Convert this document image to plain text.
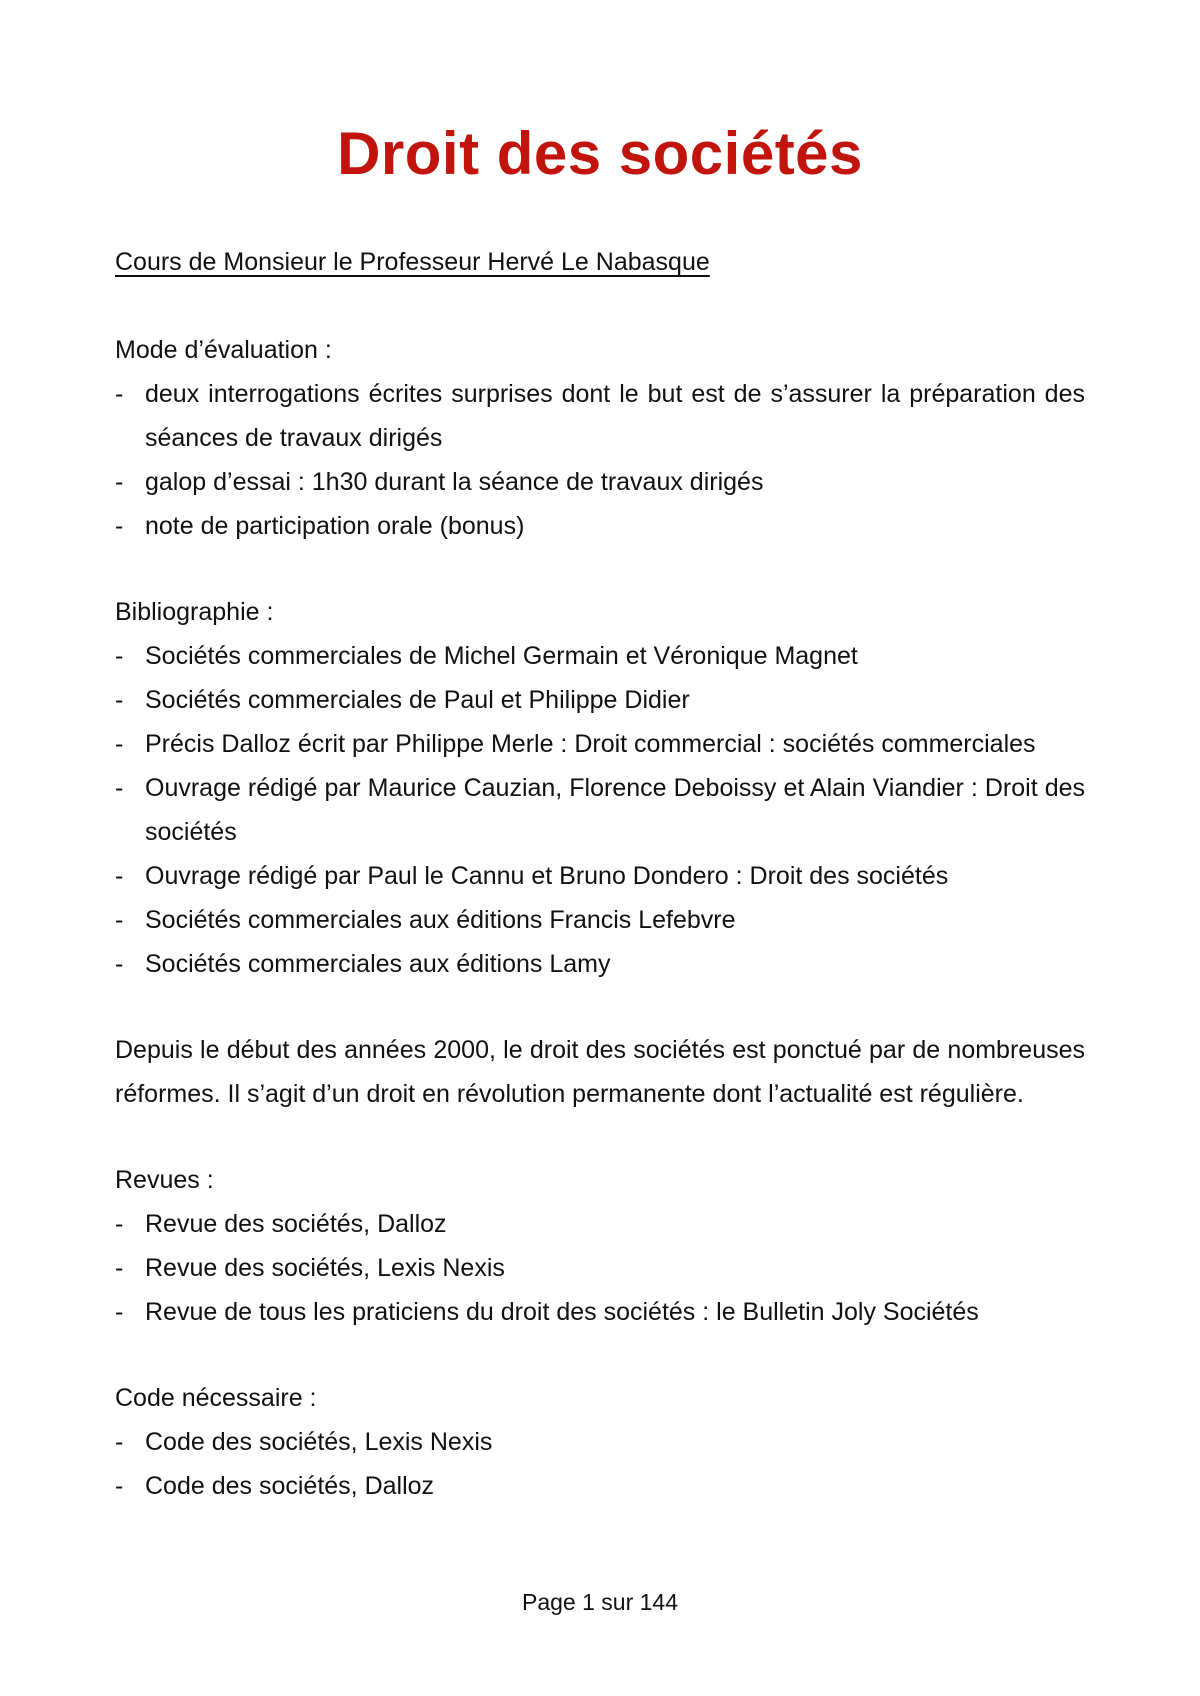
Droit des sociétés
Cours de Monsieur le Professeur Hervé Le Nabasque
Mode d’évaluation :
- deux interrogations écrites surprises dont le but est de s’assurer la préparation des séances de travaux dirigés
- galop d’essai : 1h30 durant la séance de travaux dirigés
- note de participation orale (bonus)
Bibliographie :
- Sociétés commerciales de Michel Germain et Véronique Magnet
- Sociétés commerciales de Paul et Philippe Didier
- Précis Dalloz écrit par Philippe Merle : Droit commercial : sociétés commerciales
- Ouvrage rédigé par Maurice Cauzian, Florence Deboissy et Alain Viandier : Droit des sociétés
- Ouvrage rédigé par Paul le Cannu et Bruno Dondero : Droit des sociétés
- Sociétés commerciales aux éditions Francis Lefebvre
- Sociétés commerciales aux éditions Lamy
Depuis le début des années 2000, le droit des sociétés est ponctué par de nombreuses réformes. Il s’agit d’un droit en révolution permanente dont l’actualité est régulière.
Revues :
- Revue des sociétés, Dalloz
- Revue des sociétés, Lexis Nexis
- Revue de tous les praticiens du droit des sociétés : le Bulletin Joly Sociétés
Code nécessaire :
- Code des sociétés, Lexis Nexis
- Code des sociétés, Dalloz
Page 1 sur 144
